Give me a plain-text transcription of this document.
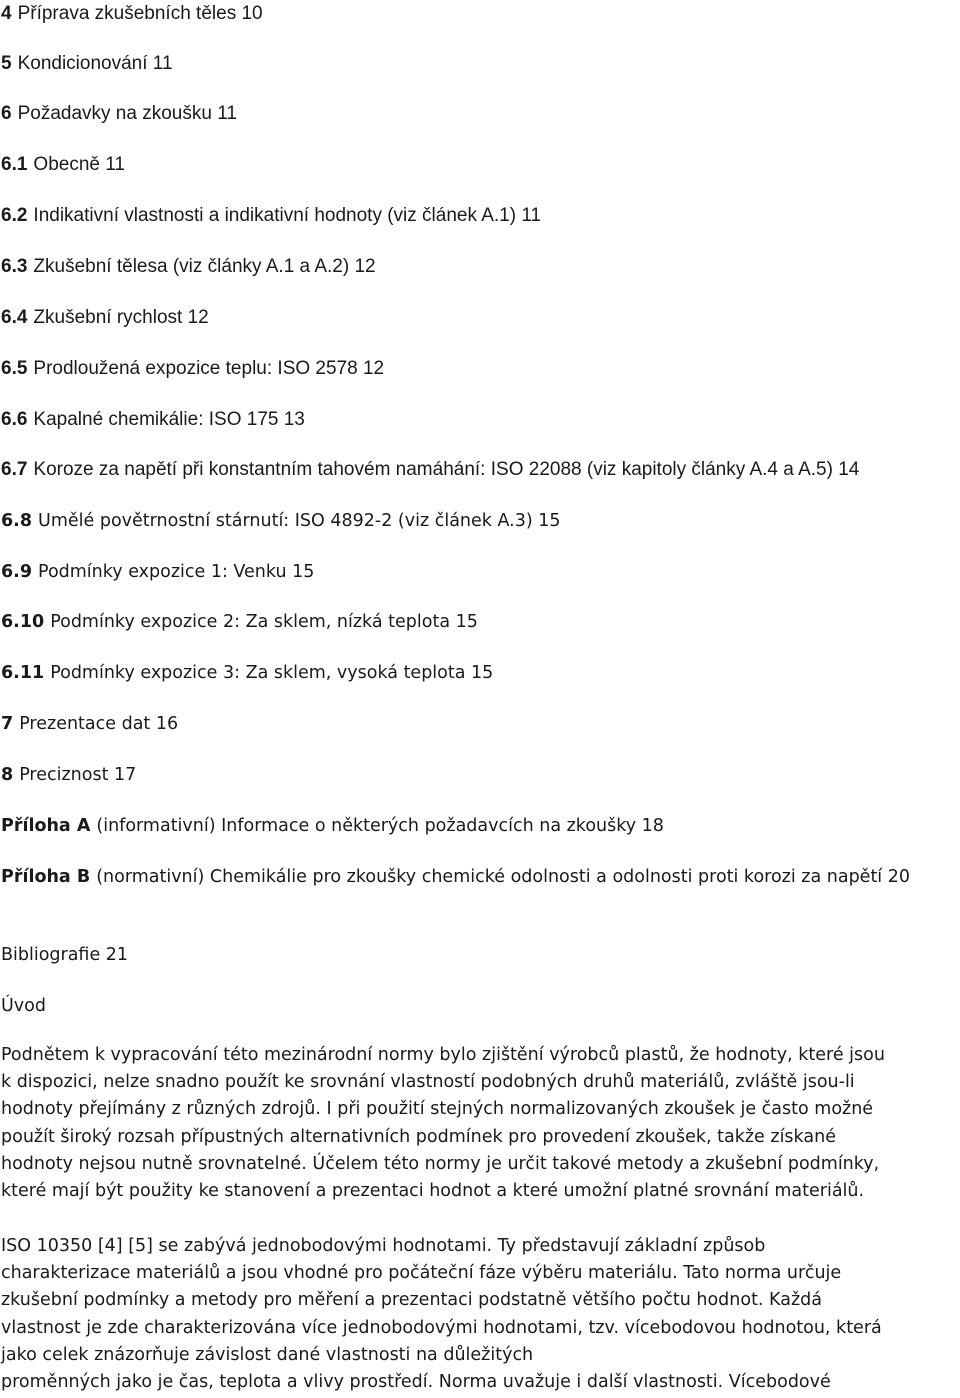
4 Příprava zkušebních těles 10
5 Kondicionování 11
6 Požadavky na zkoušku 11
6.1 Obecně 11
6.2 Indikativní vlastnosti a indikativní hodnoty (viz článek A.1) 11
6.3 Zkušební tělesa (viz články A.1 a A.2) 12
6.4 Zkušební rychlost 12
6.5 Prodloužená expozice teplu: ISO 2578 12
6.6 Kapalné chemikálie: ISO 175 13
6.7 Koroze za napětí při konstantním tahovém namáhání: ISO 22088 (viz kapitoly články A.4 a A.5) 14
6.8 Umělé povětrnostní stárnutí: ISO 4892-2 (viz článek A.3) 15
6.9 Podmínky expozice 1: Venku 15
6.10 Podmínky expozice 2: Za sklem, nízká teplota 15
6.11 Podmínky expozice 3: Za sklem, vysoká teplota 15
7 Prezentace dat 16
8 Preciznost 17
Příloha A (informativní) Informace o některých požadavcích na zkoušky 18
Příloha B (normativní) Chemikálie pro zkoušky chemické odolnosti a odolnosti proti korozi za napětí 20
Bibliografie 21
Úvod
Podnětem k vypracování této mezinárodní normy bylo zjištění výrobců plastů, že hodnoty, které jsou
k dispozici, nelze snadno použít ke srovnání vlastností podobných druhů materiálů, zvláště jsou-li
hodnoty přejímány z různých zdrojů. I při použití stejných normalizovaných zkoušek je často možné
použít široký rozsah přípustných alternativních podmínek pro provedení zkoušek, takže získané
hodnoty nejsou nutně srovnatelné. Účelem této normy je určit takové metody a zkušební podmínky,
které mají být použity ke stanovení a prezentaci hodnot a které umožní platné srovnání materiálů.
ISO 10350 [4] [5] se zabývá jednobodovými hodnotami. Ty představují základní způsob
charakterizace materiálů a jsou vhodné pro počáteční fáze výběru materiálu. Tato norma určuje
zkušební podmínky a metody pro měření a prezentaci podstatně většího počtu hodnot. Každá
vlastnost je zde charakterizována více jednobodovými hodnotami, tzv. vícebodovou hodnotou, která
jako celek znázorňuje závislost dané vlastnosti na důležitých
proměnných jako je čas, teplota a vlivy prostředí. Norma uvažuje i další vlastnosti. Vícebodové
